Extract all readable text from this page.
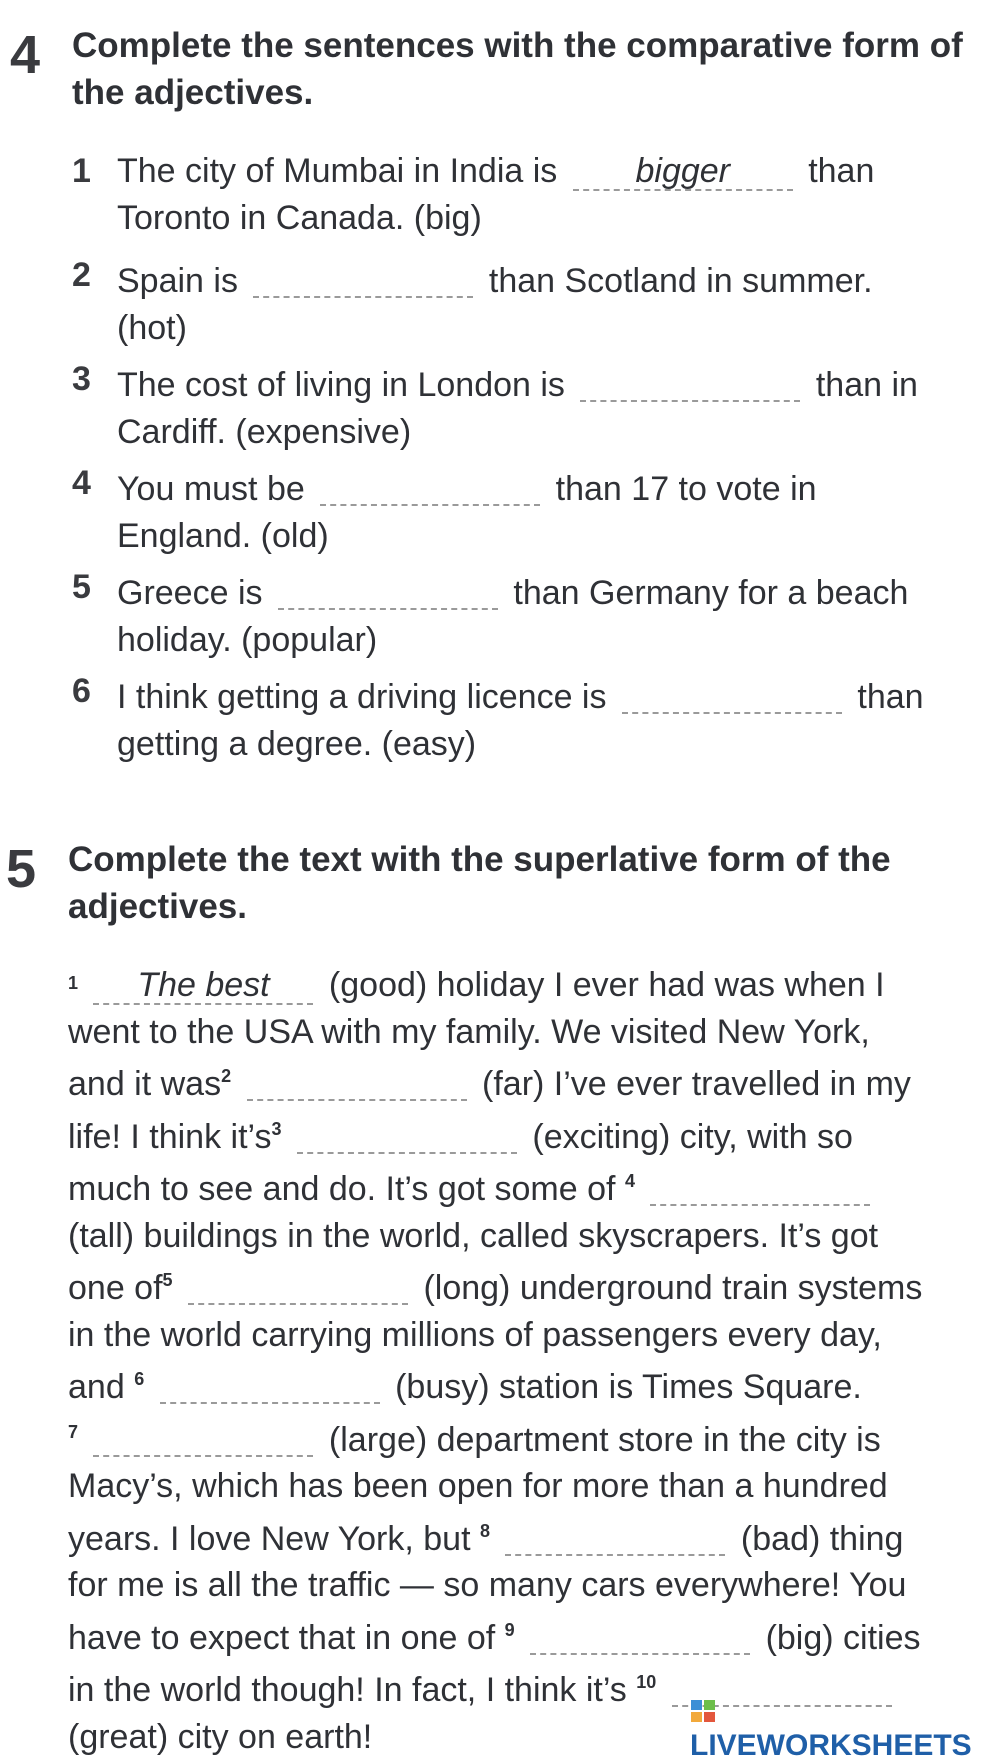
4 Complete the sentences with the comparative form of the adjectives.
1 The city of Mumbai in India is bigger than
Toronto in Canada. (big)
2 Spain is	than Scotland in summer.
(hot)
3 The cost of living in London is	than in
Cardiff. (expensive)
4 You must be	than 17 to vote in
England. (old)
5 Greece is	than Germany for a beach
holiday. (popular)
6 I think getting a driving licence is	than
getting a degree. (easy)
5 Complete the text with the superlative form of the adjectives.
$^1$ The best (good) holiday I ever had was when I
went to the USA with my family. We visited New York,
and it was$^2$	(far) I’ve ever travelled in my
life! I think $it’s^3$	(exciting) city, with so
much to see and do. It’s got some of $^4$
(tall) buildings in the world, called skyscrapers. It’s got
one $of^5$	(long) underground train systems
in the world carrying millions of passengers every day,
and $^6$	(busy) station is Times Square.
$^7$	(large) department store in the city is
Macy’s, which has been open for more than a hundred
years. I love New York, but $^8$	(bad) thing
for me is all the traffic — so many cars everywhere! You
have to expect that in one of $^9$	(big) cities
in the world though! In fact, I think it’s $^{10}$
(great) city on earth!	LIVEWORKSHEETS
